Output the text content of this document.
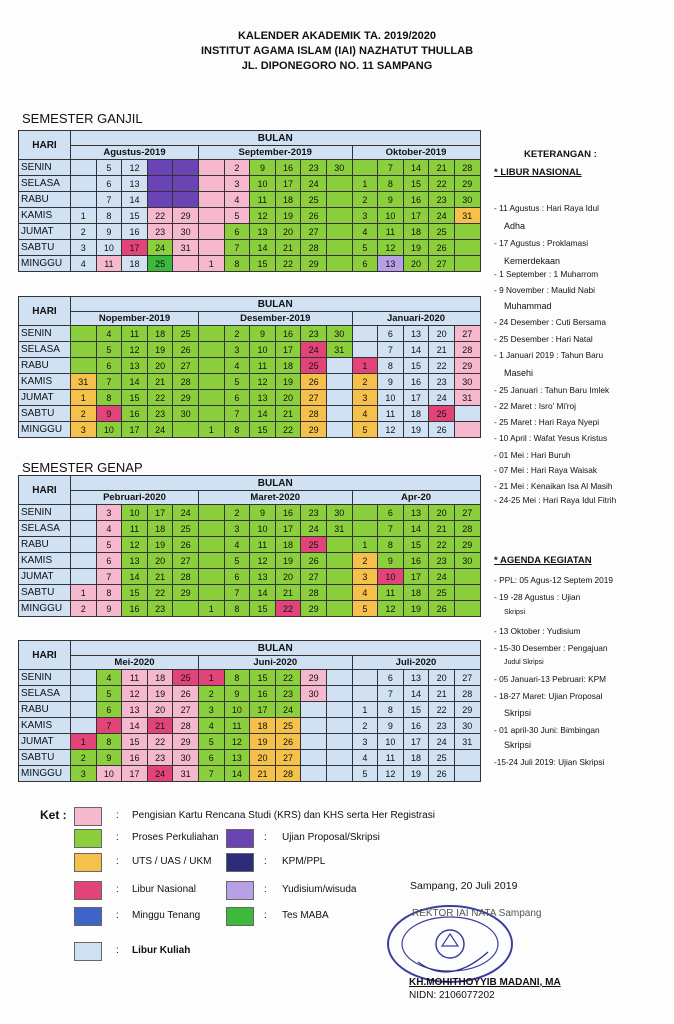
KALENDER AKADEMIK TA. 2019/2020
INSTITUT AGAMA ISLAM (IAI) NAZHATUT THULLAB
JL. DIPONEGORO NO. 11 SAMPANG
SEMESTER GANJIL
HARI	BULAN															
	Agustus-2019					September-2019						Oktober-2019				
SENIN		5	12				2	9	16	23	30		7	14	21	28
SELASA		6	13				3	10	17	24		1	8	15	22	29
RABU		7	14				4	11	18	25		2	9	16	23	30
KAMIS	1	8	15	22	29		5	12	19	26		3	10	17	24	31
JUMAT	2	9	16	23	30		6	13	20	27		4	11	18	25	
SABTU	3	10	17	24	31		7	14	21	28		5	12	19	26	
MINGGU	4	11	18	25		1	8	15	22	29		6	13	20	27	
HARI	BULAN															
	Nopember-2019					Desember-2019						Januari-2020				
SENIN		4	11	18	25		2	9	16	23	30		6	13	20	27
SELASA		5	12	19	26		3	10	17	24	31		7	14	21	28
RABU		6	13	20	27		4	11	18	25		1	8	15	22	29
KAMIS	31	7	14	21	28		5	12	19	26		2	9	16	23	30
JUMAT	1	8	15	22	29		6	13	20	27		3	10	17	24	31
SABTU	2	9	16	23	30		7	14	21	28		4	11	18	25	
MINGGU	3	10	17	24		1	8	15	22	29		5	12	19	26	
SEMESTER GENAP
HARI	BULAN															
	Pebruari-2020					Maret-2020						Apr-20				
SENIN		3	10	17	24		2	9	16	23	30		6	13	20	27
SELASA		4	11	18	25		3	10	17	24	31		7	14	21	28
RABU		5	12	19	26		4	11	18	25		1	8	15	22	29
KAMIS		6	13	20	27		5	12	19	26		2	9	16	23	30
JUMAT		7	14	21	28		6	13	20	27		3	10	17	24	
SABTU	1	8	15	22	29		7	14	21	28		4	11	18	25	
MINGGU	2	9	16	23		1	8	15	22	29		5	12	19	26	
HARI	BULAN															
	Mei-2020					Juni-2020						Juli-2020				
SENIN		4	11	18	25	1	8	15	22	29			6	13	20	27
SELASA		5	12	19	26	2	9	16	23	30			7	14	21	28
RABU		6	13	20	27	3	10	17	24			1	8	15	22	29
KAMIS		7	14	21	28	4	11	18	25			2	9	16	23	30
JUMAT	1	8	15	22	29	5	12	19	26			3	10	17	24	31
SABTU	2	9	16	23	30	6	13	20	27			4	11	18	25	
MINGGU	3	10	17	24	31	7	14	21	28			5	12	19	26	
KETERANGAN :
* LIBUR NASIONAL
- 11 Agustus : Hari Raya Idul
Adha
- 17 Agustus : Proklamasi
Kemerdekaan
- 1 September : 1 Muharrom
- 9 November : Maulid Nabi
Muhammad
- 24 Desember : Cuti Bersama
- 25 Desember : Hari Natal
- 1 Januari 2019 : Tahun Baru
Masehi
- 25 Januari : Tahun Baru Imlek
- 22 Maret : Isro' Mi'roj
- 25 Maret : Hari Raya Nyepi
- 10 April : Wafat Yesus Kristus
- 01 Mei : Hari Buruh
- 07 Mei : Hari Raya Waisak
- 21 Mei : Kenaikan Isa Al Masih
- 24-25 Mei : Hari Raya Idul Fitrih
* AGENDA KEGIATAN
- PPL: 05 Agus-12 Septem 2019
- 19 -28 Agustus : Ujian
Skripsi
- 13 Oktober : Yudisium
- 15-30 Desember : Pengajuan
Judul Skripsi
- 05 Januari-13 Pebruari: KPM
- 18-27 Maret: Ujian Proposal
Skripsi
- 01 april-30 Juni: Bimbingan
Skripsi
-15-24 Juli 2019: Ujian Skripsi
Ket :	: Pengisian Kartu Rencana Studi (KRS) dan KHS serta Her Registrasi
: Proses Perkuliahan	: Ujian Proposal/Skripsi
: UTS / UAS / UKM	: KPM/PPL
: Libur Nasional	: Yudisium/wisuda
: Minggu Tenang	: Tes MABA
: Libur Kuliah
Sampang, 20 Juli 2019
REKTOR IAI NATA Sampang
KH.MOHITHOYYIB MADANI, MA
NIDN: 2106077202
